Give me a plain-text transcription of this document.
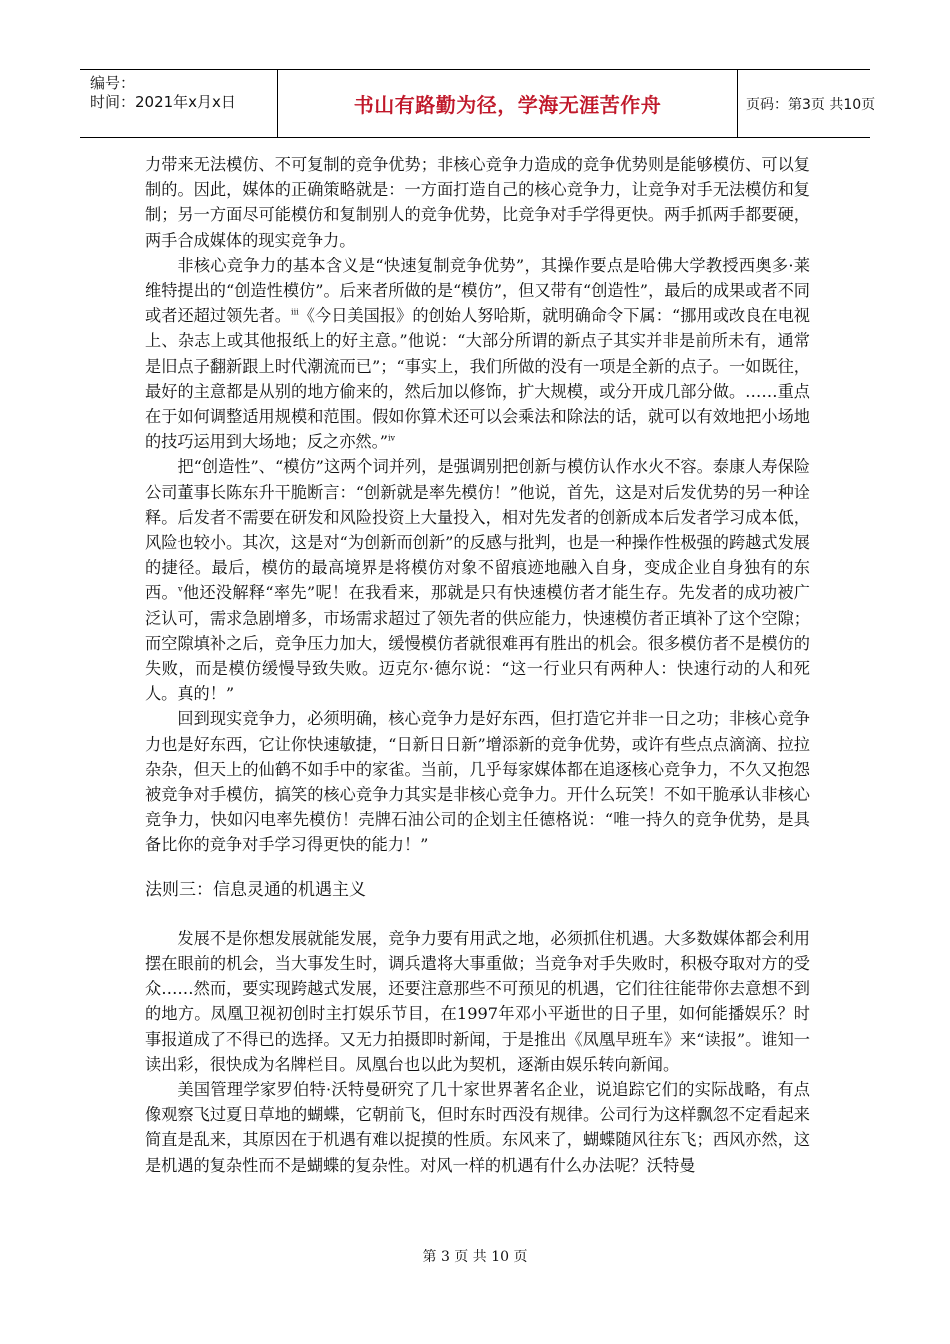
编号：
时间：2021年x月x日	书山有路勤为径，学海无涯苦作舟	页码：第3页 共10页

力带来无法模仿、不可复制的竞争优势；非核心竞争力造成的竞争优势则是能够模仿、可以复制的。因此，媒体的正确策略就是：一方面打造自己的核心竞争力，让竞争对手无法模仿和复制；另一方面尽可能模仿和复制别人的竞争优势，比竞争对手学得更快。两手抓两手都要硬，两手合成媒体的现实竞争力。

非核心竞争力的基本含义是“快速复制竞争优势”，其操作要点是哈佛大学教授西奥多·莱维特提出的“创造性模仿”。后来者所做的是“模仿”，但又带有“创造性”，最后的成果或者不同或者还超过领先者。$^{iii}$《今日美国报》的创始人努哈斯，就明确命令下属：“挪用或改良在电视上、杂志上或其他报纸上的好主意。”他说：“大部分所谓的新点子其实并非是前所未有，通常是旧点子翻新跟上时代潮流而已”；“事实上，我们所做的没有一项是全新的点子。一如既往，最好的主意都是从别的地方偷来的，然后加以修饰，扩大规模，或分开成几部分做。……重点在于如何调整适用规模和范围。假如你算术还可以会乘法和除法的话，就可以有效地把小场地的技巧运用到大场地；反之亦然。”$^{iv}$

把“创造性”、“模仿”这两个词并列，是强调别把创新与模仿认作水火不容。泰康人寿保险公司董事长陈东升干脆断言：“创新就是率先模仿！”他说，首先，这是对后发优势的另一种诠释。后发者不需要在研发和风险投资上大量投入，相对先发者的创新成本后发者学习成本低，风险也较小。其次，这是对“为创新而创新”的反感与批判，也是一种操作性极强的跨越式发展的捷径。最后，模仿的最高境界是将模仿对象不留痕迹地融入自身，变成企业自身独有的东西。$^v$他还没解释“率先”呢！在我看来，那就是只有快速模仿者才能生存。先发者的成功被广泛认可，需求急剧增多，市场需求超过了领先者的供应能力，快速模仿者正填补了这个空隙；而空隙填补之后，竞争压力加大，缓慢模仿者就很难再有胜出的机会。很多模仿者不是模仿的失败，而是模仿缓慢导致失败。迈克尔·德尔说：“这一行业只有两种人：快速行动的人和死人。真的！”

回到现实竞争力，必须明确，核心竞争力是好东西，但打造它并非一日之功；非核心竞争力也是好东西，它让你快速敏捷，“日新日日新”增添新的竞争优势，或许有些点点滴滴、拉拉杂杂，但天上的仙鹤不如手中的家雀。当前，几乎每家媒体都在追逐核心竞争力，不久又抱怨被竞争对手模仿，搞笑的核心竞争力其实是非核心竞争力。开什么玩笑！不如干脆承认非核心竞争力，快如闪电率先模仿！壳牌石油公司的企划主任德格说：“唯一持久的竞争优势，是具备比你的竞争对手学习得更快的能力！”

法则三：信息灵通的机遇主义

发展不是你想发展就能发展，竞争力要有用武之地，必须抓住机遇。大多数媒体都会利用摆在眼前的机会，当大事发生时，调兵遣将大事重做；当竞争对手失败时，积极夺取对方的受众……然而，要实现跨越式发展，还要注意那些不可预见的机遇，它们往往能带你去意想不到的地方。凤凰卫视初创时主打娱乐节目，在1997年邓小平逝世的日子里，如何能播娱乐？时事报道成了不得已的选择。又无力拍摄即时新闻，于是推出《凤凰早班车》来“读报”。谁知一读出彩，很快成为名牌栏目。凤凰台也以此为契机，逐渐由娱乐转向新闻。

美国管理学家罗伯特·沃特曼研究了几十家世界著名企业，说追踪它们的实际战略，有点像观察飞过夏日草地的蝴蝶，它朝前飞，但时东时西没有规律。公司行为这样飘忽不定看起来简直是乱来，其原因在于机遇有难以捉摸的性质。东风来了，蝴蝶随风往东飞；西风亦然，这是机遇的复杂性而不是蝴蝶的复杂性。对风一样的机遇有什么办法呢？沃特曼

第 3 页 共 10 页
